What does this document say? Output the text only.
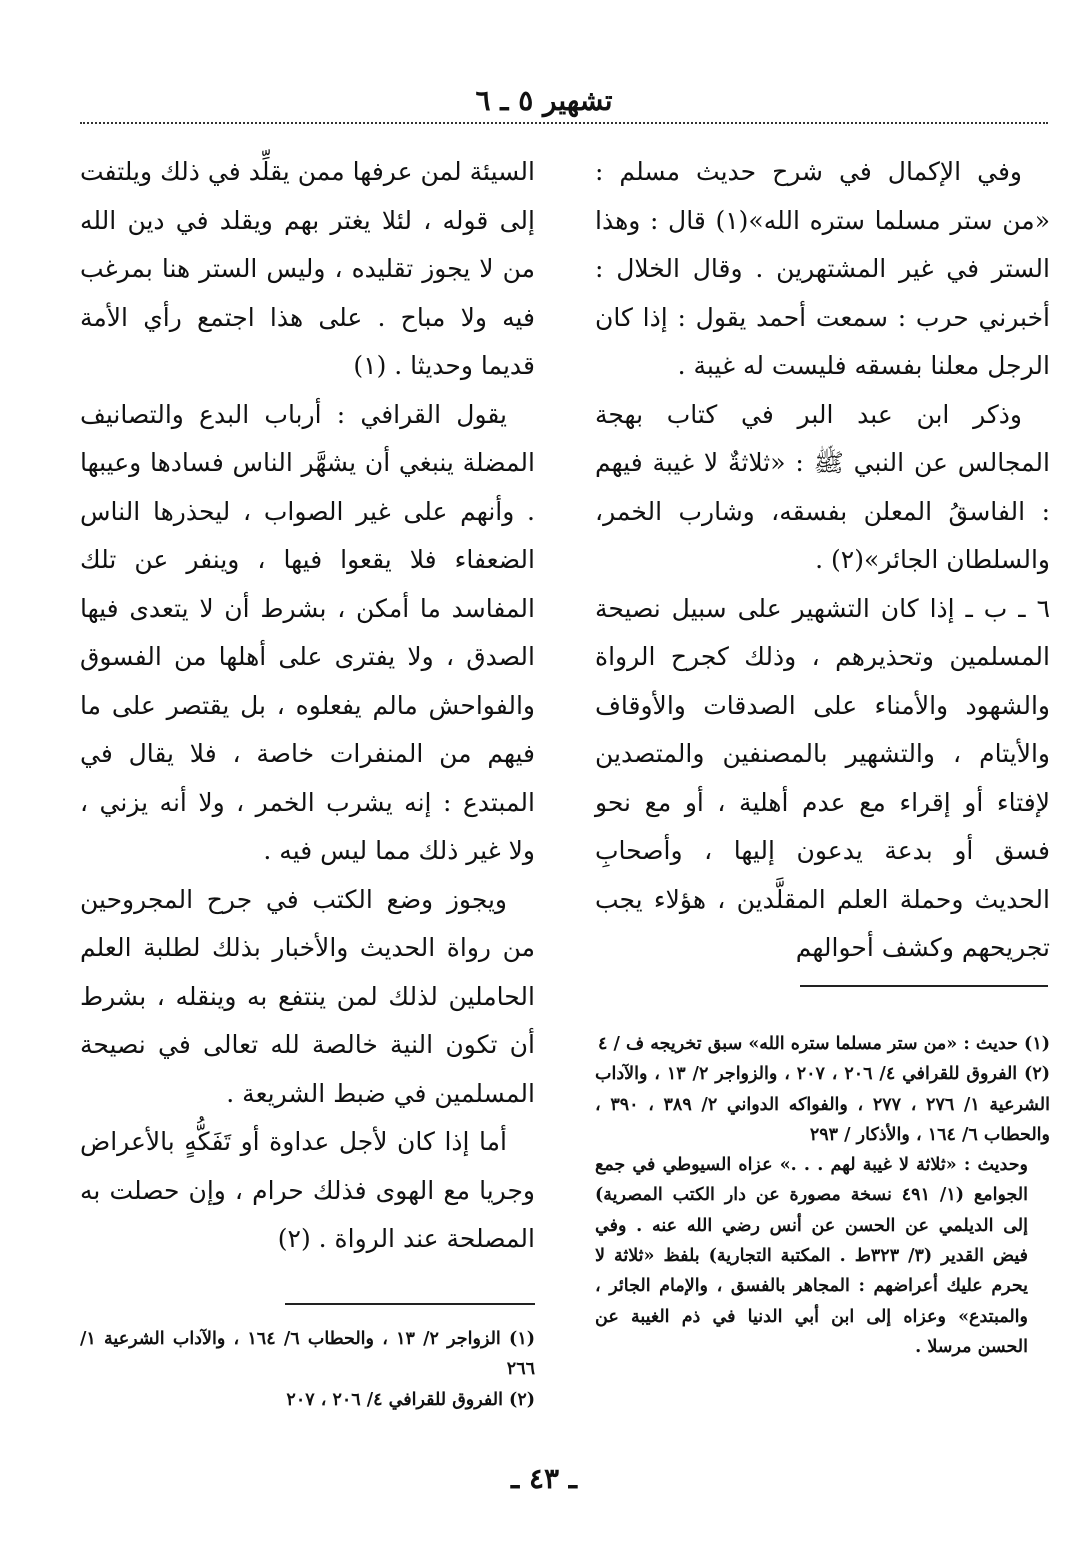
تشهير ٥ ـ ٦

وفي الإكمال في شرح حديث مسلم : «من ستر مسلما ستره الله»(١) قال : وهذا الستر في غير المشتهرين . وقال الخلال : أخبرني حرب : سمعت أحمد يقول : إذا كان الرجل معلنا بفسقه فليست له غيبة .

وذكر ابن عبد البر في كتاب بهجة المجالس عن النبي ﷺ : «ثلاثةٌ لا غيبة فيهم : الفاسقُ المعلن بفسقه، وشارب الخمر، والسلطان الجائر»(٢) .

٦ ـ ب ـ إذا كان التشهير على سبيل نصيحة المسلمين وتحذيرهم ، وذلك كجرح الرواة والشهود والأمناء على الصدقات والأوقاف والأيتام ، والتشهير بالمصنفين والمتصدين لإفتاء أو إقراء مع عدم أهلية ، أو مع نحو فسق أو بدعة يدعون إليها ، وأصحابِ الحديث وحملة العلم المقلَّدين ، هؤلاء يجب تجريحهم وكشف أحوالهم

السيئة لمن عرفها ممن يقلِّد في ذلك ويلتفت إلى قوله ، لئلا يغتر بهم ويقلد في دين الله من لا يجوز تقليده ، وليس الستر هنا بمرغب فيه ولا مباح . على هذا اجتمع رأي الأمة قديما وحديثا . (١)

يقول القرافي : أرباب البدع والتصانيف المضلة ينبغي أن يشهَّر الناس فسادها وعيبها . وأنهم على غير الصواب ، ليحذرها الناس الضعفاء فلا يقعوا فيها ، وينفر عن تلك المفاسد ما أمكن ، بشرط أن لا يتعدى فيها الصدق ، ولا يفترى على أهلها من الفسوق والفواحش مالم يفعلوه ، بل يقتصر على ما فيهم من المنفرات خاصة ، فلا يقال في المبتدع : إنه يشرب الخمر ، ولا أنه يزني ، ولا غير ذلك مما ليس فيه .

ويجوز وضع الكتب في جرح المجروحين من رواة الحديث والأخبار بذلك لطلبة العلم الحاملين لذلك لمن ينتفع به وينقله ، بشرط أن تكون النية خالصة لله تعالى في نصيحة المسلمين في ضبط الشريعة .

أما إذا كان لأجل عداوة أو تَفَكُّهٍ بالأعراض وجريا مع الهوى فذلك حرام ، وإن حصلت به المصلحة عند الرواة . (٢)

(١) حديث : «من ستر مسلما ستره الله» سبق تخريجه ف / ٤

(٢) الفروق للقرافي ٤/ ٢٠٦ ، ٢٠٧ ، والزواجر ٢/ ١٣ ، والآداب الشرعية ١/ ٢٧٦ ، ٢٧٧ ، والفواكه الدواني ٢/ ٣٨٩ ، ٣٩٠ ، والحطاب ٦/ ١٦٤ ، والأذكار / ٢٩٣

وحديث : «ثلاثة لا غيبة لهم . . .» عزاه السيوطي في جمع الجوامع (١/ ٤٩١ نسخة مصورة عن دار الكتب المصرية) إلى الديلمي عن الحسن عن أنس رضي الله عنه . وفي فيض القدير (٣/ ٣٢٣ط . المكتبة التجارية) بلفظ «ثلاثة لا يحرم عليك أعراضهم : المجاهر بالفسق ، والإمام الجائر ، والمبتدع» وعزاه إلى ابن أبي الدنيا في ذم الغيبة عن الحسن مرسلا .

(١) الزواجر ٢/ ١٣ ، والحطاب ٦/ ١٦٤ ، والآداب الشرعية ١/ ٢٦٦

(٢) الفروق للقرافي ٤/ ٢٠٦ ، ٢٠٧

ـ ٤٣ ـ
